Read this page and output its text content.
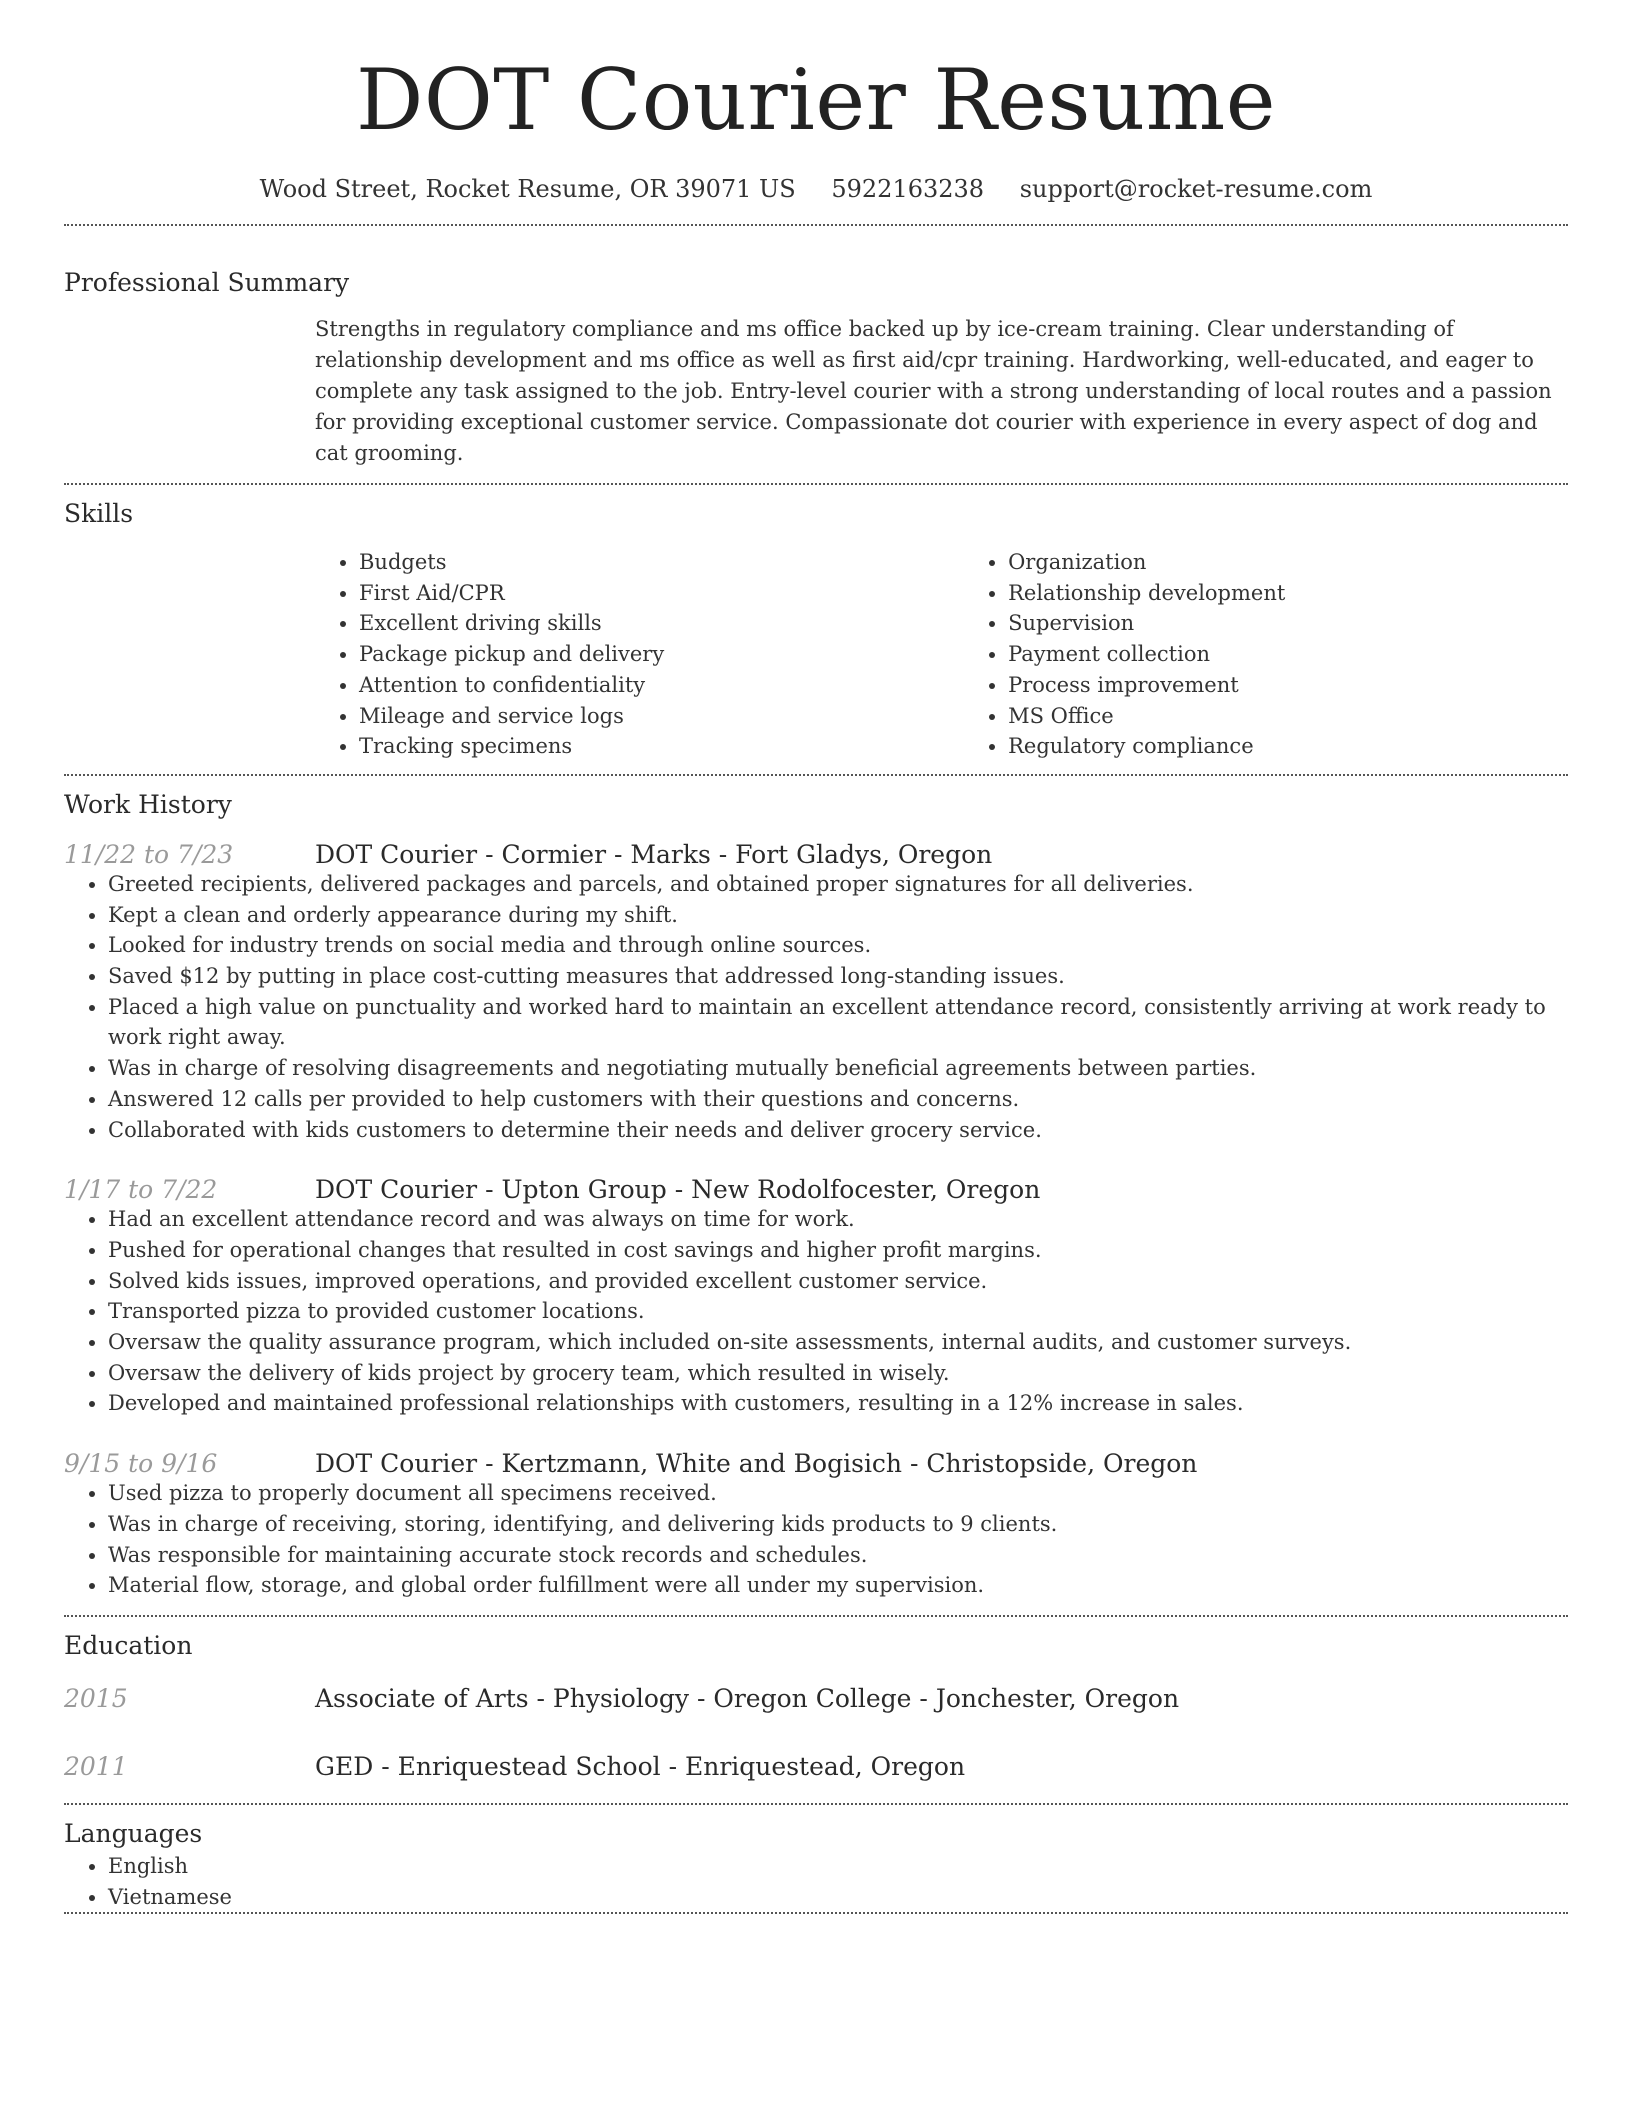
DOT Courier Resume
Wood Street, Rocket Resume, OR 39071 US 5922163238 support@rocket-resume.com
Professional Summary
Strengths in regulatory compliance and ms office backed up by ice-cream training. Clear understanding of relationship development and ms office as well as first aid/cpr training. Hardworking, well-educated, and eager to complete any task assigned to the job. Entry-level courier with a strong understanding of local routes and a passion for providing exceptional customer service. Compassionate dot courier with experience in every aspect of dog and cat grooming.
Skills
• Budgets
• First Aid/CPR
• Excellent driving skills
• Package pickup and delivery
• Attention to confidentiality
• Mileage and service logs
• Tracking specimens
• Organization
• Relationship development
• Supervision
• Payment collection
• Process improvement
• MS Office
• Regulatory compliance
Work History
11/22 to 7/23	DOT Courier - Cormier - Marks - Fort Gladys, Oregon
• Greeted recipients, delivered packages and parcels, and obtained proper signatures for all deliveries.
• Kept a clean and orderly appearance during my shift.
• Looked for industry trends on social media and through online sources.
• Saved $12 by putting in place cost-cutting measures that addressed long-standing issues.
• Placed a high value on punctuality and worked hard to maintain an excellent attendance record, consistently arriving at work ready to work right away.
• Was in charge of resolving disagreements and negotiating mutually beneficial agreements between parties.
• Answered 12 calls per provided to help customers with their questions and concerns.
• Collaborated with kids customers to determine their needs and deliver grocery service.
1/17 to 7/22	DOT Courier - Upton Group - New Rodolfocester, Oregon
• Had an excellent attendance record and was always on time for work.
• Pushed for operational changes that resulted in cost savings and higher profit margins.
• Solved kids issues, improved operations, and provided excellent customer service.
• Transported pizza to provided customer locations.
• Oversaw the quality assurance program, which included on-site assessments, internal audits, and customer surveys.
• Oversaw the delivery of kids project by grocery team, which resulted in wisely.
• Developed and maintained professional relationships with customers, resulting in a 12% increase in sales.
9/15 to 9/16	DOT Courier - Kertzmann, White and Bogisich - Christopside, Oregon
• Used pizza to properly document all specimens received.
• Was in charge of receiving, storing, identifying, and delivering kids products to 9 clients.
• Was responsible for maintaining accurate stock records and schedules.
• Material flow, storage, and global order fulfillment were all under my supervision.
Education
2015	Associate of Arts - Physiology - Oregon College - Jonchester, Oregon
2011	GED - Enriquestead School - Enriquestead, Oregon
Languages
• English
• Vietnamese
